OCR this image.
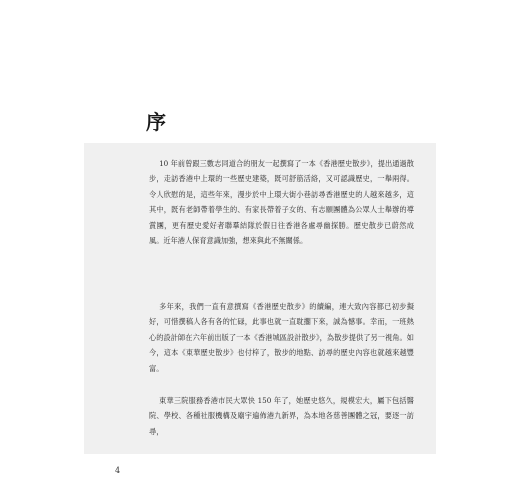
序

10 年前曾跟三數志同道合的朋友一起撰寫了一本《香港歷史散步》，提出通過散步，走訪香港中上環的一些歷史建築，既可舒筋活絡，又可認識歷史，一舉兩得。令人欣慰的是，這些年來，漫步於中上環大街小巷訪尋香港歷史的人越來越多，這其中，既有老師帶着學生的、有家長帶着子女的、有志願團體為公眾人士舉辦的導賞團，更有歷史愛好者聯羣結隊於假日往香港各處尋幽探勝。歷史散步已蔚然成風。近年港人保育意識加強，想來與此不無關係。

多年來，我們一直有意撰寫《香港歷史散步》的續編，連大致內容都已初步擬好，可惜撰稿人各有各的忙碌，此事也就一直耽擱下來，誠為憾事。幸而，一班熱心的設計師在六年前出版了一本《香港城區設計散步》，為散步提供了另一視角。如今，這本《東華歷史散步》也付梓了，散步的地點、訪尋的歷史內容也就越來越豐富。

東華三院服務香港市民大眾快 150 年了，她歷史悠久，規模宏大，屬下包括醫院、學校、各種社服機構及廟宇遍佈港九新界，為本地各慈善團體之冠，要逐一訪尋，

4
